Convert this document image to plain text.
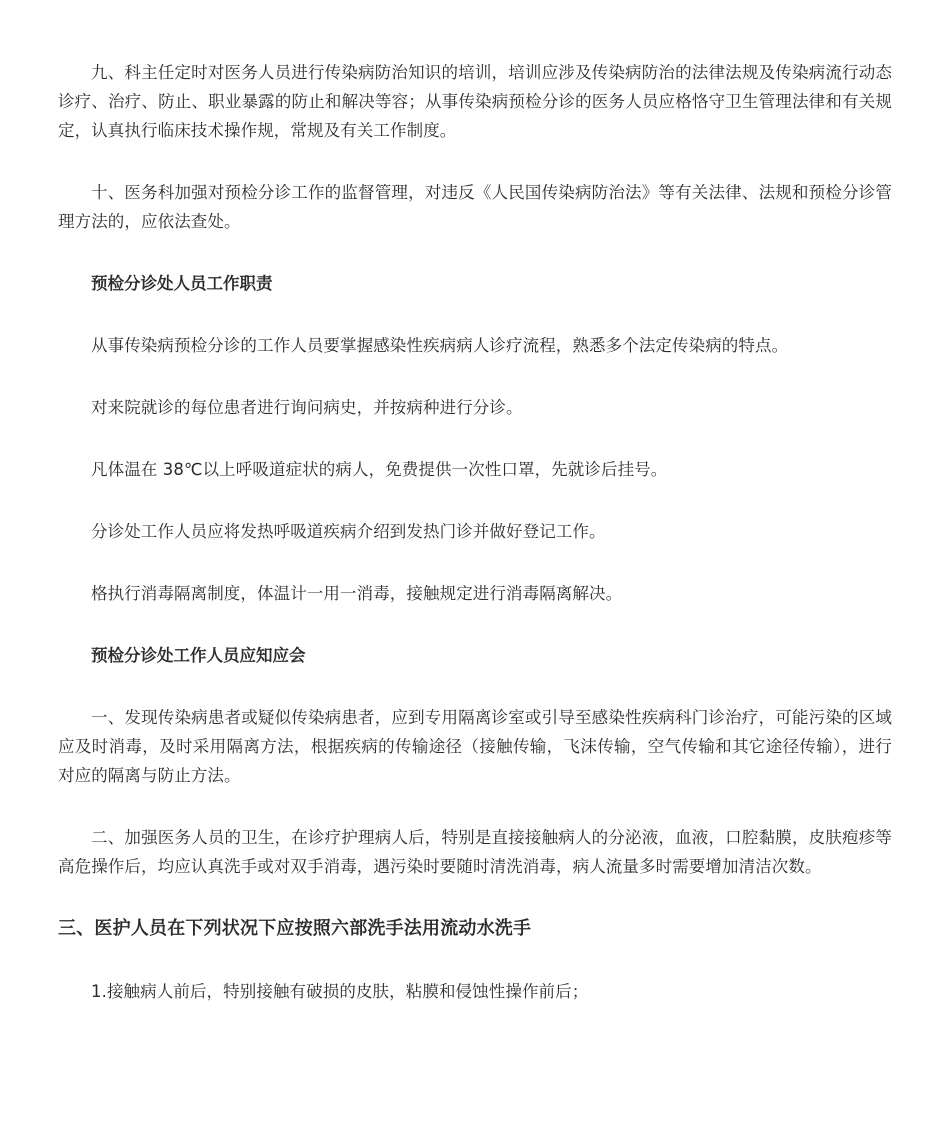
九、科主任定时对医务人员进行传染病防治知识的培训，培训应涉及传染病防治的法律法规及传染病流行动态诊疗、治疗、防止、职业暴露的防止和解决等容；从事传染病预检分诊的医务人员应格恪守卫生管理法律和有关规定，认真执行临床技术操作规，常规及有关工作制度。

十、医务科加强对预检分诊工作的监督管理，对违反《人民国传染病防治法》等有关法律、法规和预检分诊管理方法的，应依法查处。

预检分诊处人员工作职责

从事传染病预检分诊的工作人员要掌握感染性疾病病人诊疗流程，熟悉多个法定传染病的特点。

对来院就诊的每位患者进行询问病史，并按病种进行分诊。

凡体温在 38℃以上呼吸道症状的病人，免费提供一次性口罩，先就诊后挂号。

分诊处工作人员应将发热呼吸道疾病介绍到发热门诊并做好登记工作。

格执行消毒隔离制度，体温计一用一消毒，接触规定进行消毒隔离解决。

预检分诊处工作人员应知应会

一、发现传染病患者或疑似传染病患者，应到专用隔离诊室或引导至感染性疾病科门诊治疗，可能污染的区域应及时消毒，及时采用隔离方法，根据疾病的传输途径（接触传输，飞沫传输，空气传输和其它途径传输），进行对应的隔离与防止方法。

二、加强医务人员的卫生，在诊疗护理病人后，特别是直接接触病人的分泌液，血液，口腔黏膜，皮肤疱疹等高危操作后，均应认真洗手或对双手消毒，遇污染时要随时清洗消毒，病人流量多时需要增加清洁次数。

三、医护人员在下列状况下应按照六部洗手法用流动水洗手

1.接触病人前后，特别接触有破损的皮肤，粘膜和侵蚀性操作前后；
